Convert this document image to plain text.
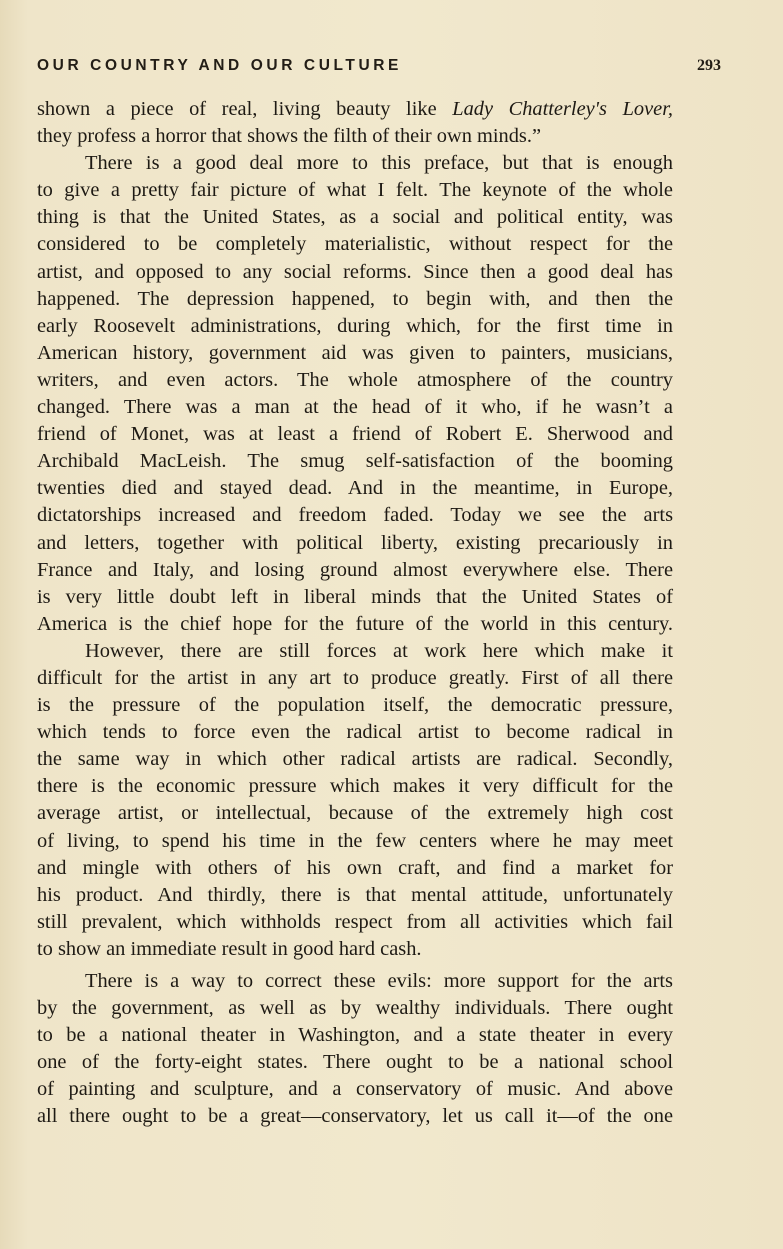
OUR COUNTRY AND OUR CULTURE	293

shown a piece of real, living beauty like Lady Chatterley's Lover,

they profess a horror that shows the filth of their own minds.”

There is a good deal more to this preface, but that is enough

to give a pretty fair picture of what I felt. The keynote of the whole

thing is that the United States, as a social and political entity, was

considered to be completely materialistic, without respect for the

artist, and opposed to any social reforms. Since then a good deal has

happened. The depression happened, to begin with, and then the

early Roosevelt administrations, during which, for the first time in

American history, government aid was given to painters, musicians,

writers, and even actors. The whole atmosphere of the country

changed. There was a man at the head of it who, if he wasn’t a

friend of Monet, was at least a friend of Robert E. Sherwood and

Archibald MacLeish. The smug self-satisfaction of the booming

twenties died and stayed dead. And in the meantime, in Europe,

dictatorships increased and freedom faded. Today we see the arts

and letters, together with political liberty, existing precariously in

France and Italy, and losing ground almost everywhere else. There

is very little doubt left in liberal minds that the United States of

America is the chief hope for the future of the world in this century.

However, there are still forces at work here which make it

difficult for the artist in any art to produce greatly. First of all there

is the pressure of the population itself, the democratic pressure,

which tends to force even the radical artist to become radical in

the same way in which other radical artists are radical. Secondly,

there is the economic pressure which makes it very difficult for the

average artist, or intellectual, because of the extremely high cost

of living, to spend his time in the few centers where he may meet

and mingle with others of his own craft, and find a market for

his product. And thirdly, there is that mental attitude, unfortunately

still prevalent, which withholds respect from all activities which fail

to show an immediate result in good hard cash.

There is a way to correct these evils: more support for the arts

by the government, as well as by wealthy individuals. There ought

to be a national theater in Washington, and a state theater in every

one of the forty-eight states. There ought to be a national school

of painting and sculpture, and a conservatory of music. And above

all there ought to be a great—conservatory, let us call it—of the one
